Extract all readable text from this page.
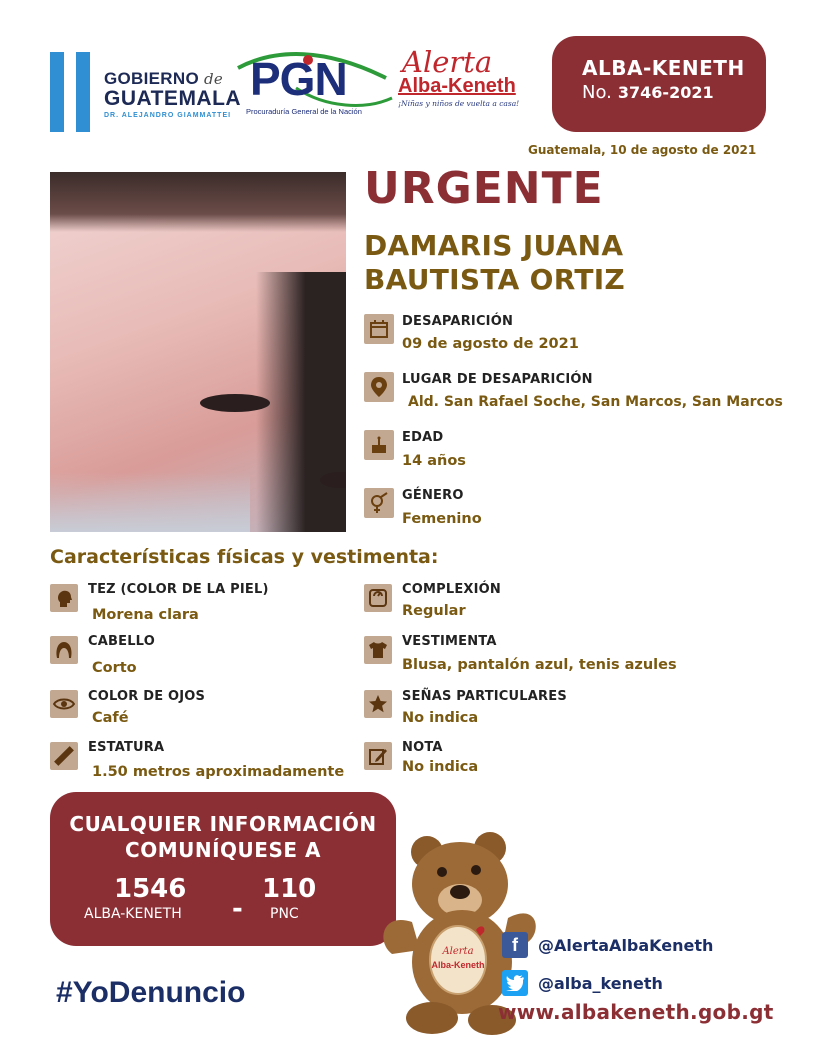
GOBIERNO de
GUATEMALA
DR. ALEJANDRO GIAMMATTEI
PGN
Procuraduría General de la Nación
Alerta
Alba-Keneth
¡Niñas y niños de vuelta a casa!
ALBA-KENETH
No. 3746-2021
Guatemala, 10 de agosto de 2021
URGENTE
DAMARIS JUANA
BAUTISTA ORTIZ
DESAPARICIÓN
09 de agosto de 2021
LUGAR DE DESAPARICIÓN
Ald. San Rafael Soche, San Marcos, San Marcos
EDAD
14 años
GÉNERO
Femenino
Características físicas y vestimenta:
TEZ (COLOR DE LA PIEL)
Morena clara
CABELLO
Corto
COLOR DE OJOS
Café
ESTATURA
1.50 metros aproximadamente
COMPLEXIÓN
Regular
VESTIMENTA
Blusa, pantalón azul, tenis azules
SEÑAS PARTICULARES
No indica
NOTA
No indica
CUALQUIER INFORMACIÓN
COMUNÍQUESE A
1546
ALBA-KENETH
110
PNC
-
#YoDenuncio
Alerta
Alba-Keneth
f	@AlertaAlbaKeneth
@alba_keneth
www.albakeneth.gob.gt
